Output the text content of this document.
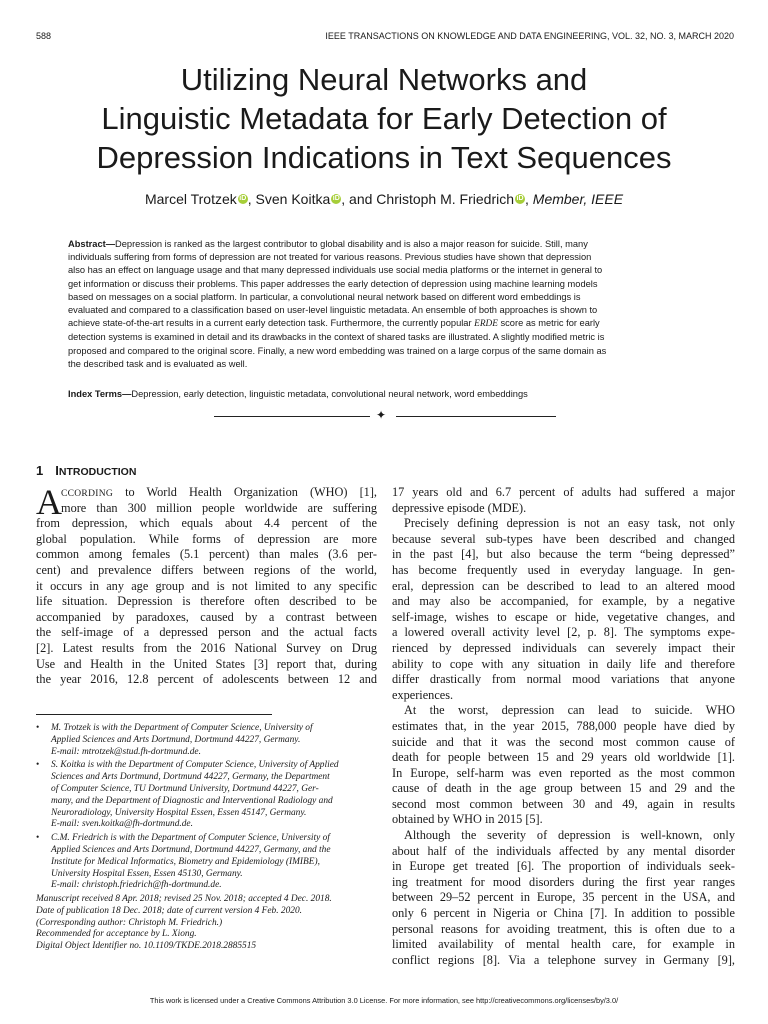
588	IEEE TRANSACTIONS ON KNOWLEDGE AND DATA ENGINEERING, VOL. 32, NO. 3, MARCH 2020
Utilizing Neural Networks and
Linguistic Metadata for Early Detection of
Depression Indications in Text Sequences
Marcel Trotzek iD , Sven Koitka iD , and Christoph M. Friedrich iD , Member, IEEE
Abstract—Depression is ranked as the largest contributor to global disability and is also a major reason for suicide. Still, many
individuals suffering from forms of depression are not treated for various reasons. Previous studies have shown that depression
also has an effect on language usage and that many depressed individuals use social media platforms or the internet in general to
get information or discuss their problems. This paper addresses the early detection of depression using machine learning models
based on messages on a social platform. In particular, a convolutional neural network based on different word embeddings is
evaluated and compared to a classification based on user-level linguistic metadata. An ensemble of both approaches is shown to
achieve state-of-the-art results in a current early detection task. Furthermore, the currently popular ERDE score as metric for early
detection systems is examined in detail and its drawbacks in the context of shared tasks are illustrated. A slightly modified metric is
proposed and compared to the original score. Finally, a new word embedding was trained on a large corpus of the same domain as
the described task and is evaluated as well.
Index Terms—Depression, early detection, linguistic metadata, convolutional neural network, word embeddings
✦
1 INTRODUCTION
A CCORDING to World Health Organization (WHO) [1],
more than 300 million people worldwide are suffering
from depression, which equals about 4.4 percent of the
global population. While forms of depression are more
common among females (5.1 percent) than males (3.6 per-
cent) and prevalence differs between regions of the world,
it occurs in any age group and is not limited to any specific
life situation. Depression is therefore often described to be
accompanied by paradoxes, caused by a contrast between
the self-image of a depressed person and the actual facts
[2]. Latest results from the 2016 National Survey on Drug
Use and Health in the United States [3] report that, during
the year 2016, 12.8 percent of adolescents between 12 and
• M. Trotzek is with the Department of Computer Science, University of
Applied Sciences and Arts Dortmund, Dortmund 44227, Germany.
E-mail: mtrotzek@stud.fh-dortmund.de.
• S. Koitka is with the Department of Computer Science, University of Applied
Sciences and Arts Dortmund, Dortmund 44227, Germany, the Department
of Computer Science, TU Dortmund University, Dortmund 44227, Ger-
many, and the Department of Diagnostic and Interventional Radiology and
Neuroradiology, University Hospital Essen, Essen 45147, Germany.
E-mail: sven.koitka@fh-dortmund.de.
• C.M. Friedrich is with the Department of Computer Science, University of
Applied Sciences and Arts Dortmund, Dortmund 44227, Germany, and the
Institute for Medical Informatics, Biometry and Epidemiology (IMIBE),
University Hospital Essen, Essen 45130, Germany.
E-mail: christoph.friedrich@fh-dortmund.de.
Manuscript received 8 Apr. 2018; revised 25 Nov. 2018; accepted 4 Dec. 2018.
Date of publication 18 Dec. 2018; date of current version 4 Feb. 2020.
(Corresponding author: Christoph M. Friedrich.)
Recommended for acceptance by L. Xiong.
Digital Object Identifier no. 10.1109/TKDE.2018.2885515
17 years old and 6.7 percent of adults had suffered a major
depressive episode (MDE).
Precisely defining depression is not an easy task, not only
because several sub-types have been described and changed
in the past [4], but also because the term “being depressed”
has become frequently used in everyday language. In gen-
eral, depression can be described to lead to an altered mood
and may also be accompanied, for example, by a negative
self-image, wishes to escape or hide, vegetative changes, and
a lowered overall activity level [2, p. 8]. The symptoms expe-
rienced by depressed individuals can severely impact their
ability to cope with any situation in daily life and therefore
differ drastically from normal mood variations that anyone
experiences.
At the worst, depression can lead to suicide. WHO
estimates that, in the year 2015, 788,000 people have died by
suicide and that it was the second most common cause of
death for people between 15 and 29 years old worldwide [1].
In Europe, self-harm was even reported as the most common
cause of death in the age group between 15 and 29 and the
second most common between 30 and 49, again in results
obtained by WHO in 2015 [5].
Although the severity of depression is well-known, only
about half of the individuals affected by any mental disorder
in Europe get treated [6]. The proportion of individuals seek-
ing treatment for mood disorders during the first year ranges
between 29–52 percent in Europe, 35 percent in the USA, and
only 6 percent in Nigeria or China [7]. In addition to possible
personal reasons for avoiding treatment, this is often due to a
limited availability of mental health care, for example in
conflict regions [8]. Via a telephone survey in Germany [9],
This work is licensed under a Creative Commons Attribution 3.0 License. For more information, see http://creativecommons.org/licenses/by/3.0/
